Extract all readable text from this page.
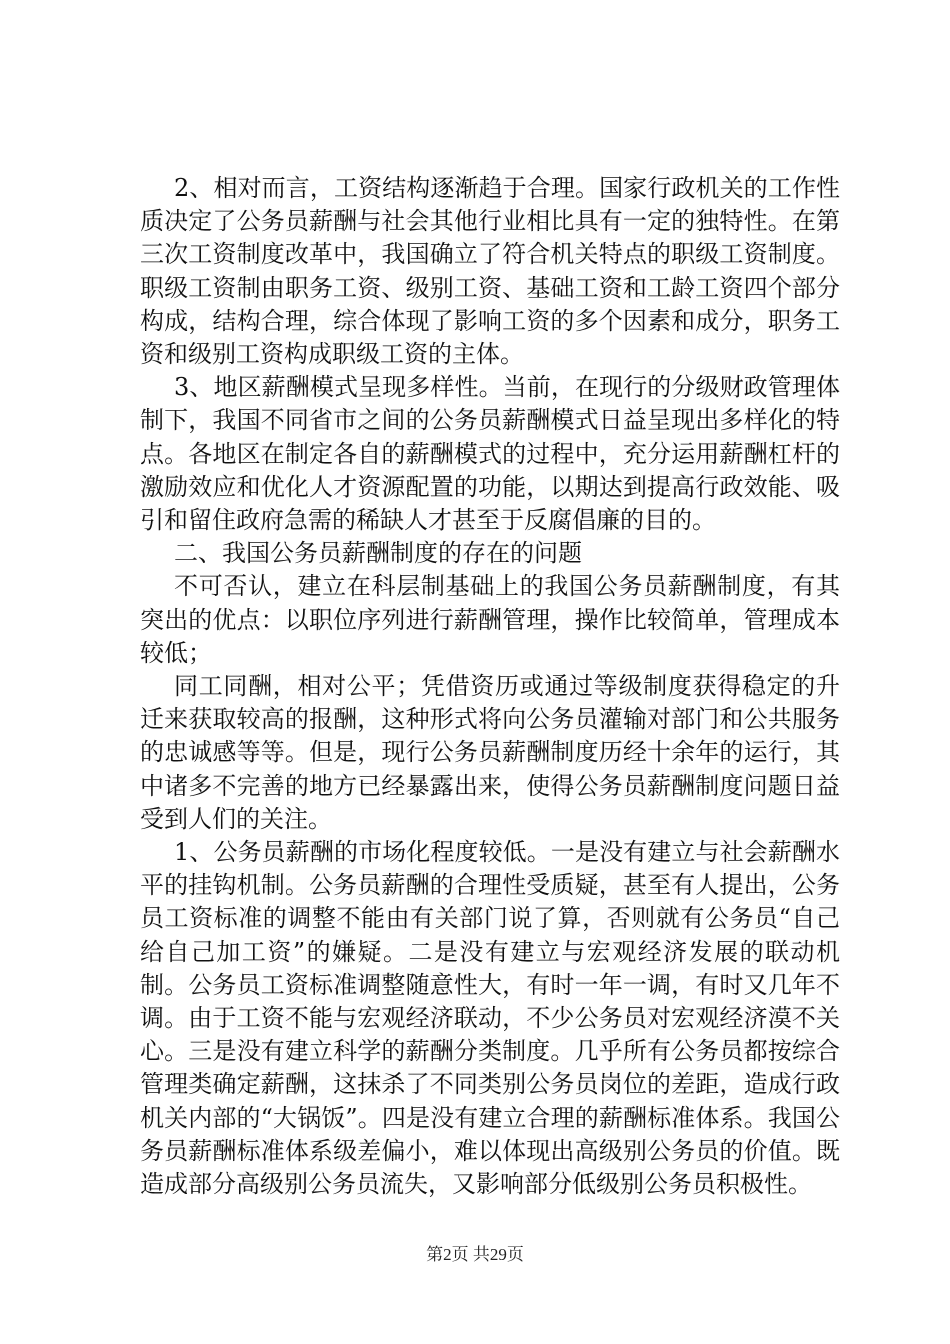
2、相对而言，工资结构逐渐趋于合理。国家行政机关的工作性质决定了公务员薪酬与社会其他行业相比具有一定的独特性。在第三次工资制度改革中，我国确立了符合机关特点的职级工资制度。职级工资制由职务工资、级别工资、基础工资和工龄工资四个部分构成，结构合理，综合体现了影响工资的多个因素和成分，职务工资和级别工资构成职级工资的主体。

3、地区薪酬模式呈现多样性。当前，在现行的分级财政管理体制下，我国不同省市之间的公务员薪酬模式日益呈现出多样化的特点。各地区在制定各自的薪酬模式的过程中，充分运用薪酬杠杆的激励效应和优化人才资源配置的功能，以期达到提高行政效能、吸引和留住政府急需的稀缺人才甚至于反腐倡廉的目的。

二、我国公务员薪酬制度的存在的问题

不可否认，建立在科层制基础上的我国公务员薪酬制度，有其突出的优点：以职位序列进行薪酬管理，操作比较简单，管理成本较低；

同工同酬，相对公平；凭借资历或通过等级制度获得稳定的升迁来获取较高的报酬，这种形式将向公务员灌输对部门和公共服务的忠诚感等等。但是，现行公务员薪酬制度历经十余年的运行，其中诸多不完善的地方已经暴露出来，使得公务员薪酬制度问题日益受到人们的关注。

1、公务员薪酬的市场化程度较低。一是没有建立与社会薪酬水平的挂钩机制。公务员薪酬的合理性受质疑，甚至有人提出，公务员工资标准的调整不能由有关部门说了算，否则就有公务员“自己给自己加工资”的嫌疑。二是没有建立与宏观经济发展的联动机制。公务员工资标准调整随意性大，有时一年一调，有时又几年不调。由于工资不能与宏观经济联动，不少公务员对宏观经济漠不关心。三是没有建立科学的薪酬分类制度。几乎所有公务员都按综合管理类确定薪酬，这抹杀了不同类别公务员岗位的差距，造成行政机关内部的“大锅饭”。四是没有建立合理的薪酬标准体系。我国公务员薪酬标准体系级差偏小，难以体现出高级别公务员的价值。既造成部分高级别公务员流失，又影响部分低级别公务员积极性。

第2页 共29页
